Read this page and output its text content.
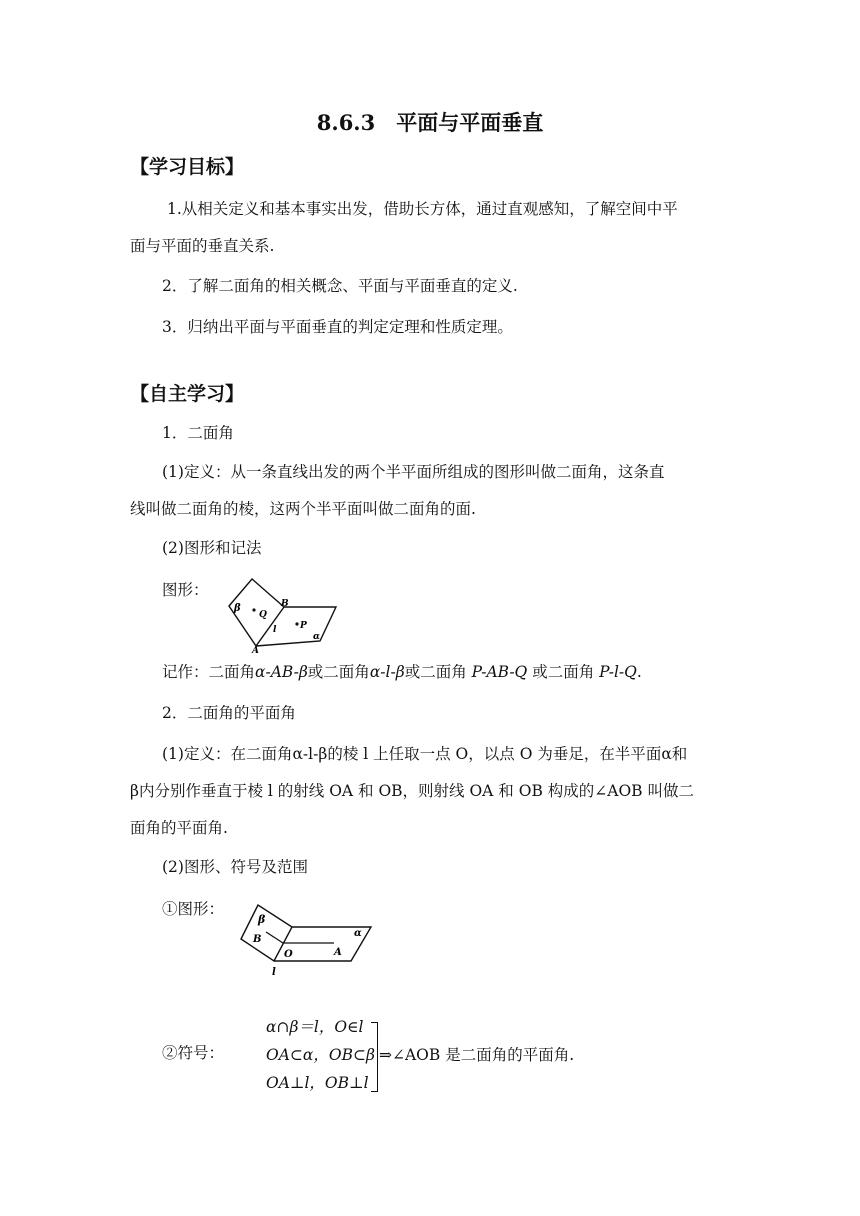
8.6.3　平面与平面垂直
【学习目标】
1.从相关定义和基本事实出发，借助长方体，通过直观感知，了解空间中平
面与平面的垂直关系.
2．了解二面角的相关概念、平面与平面垂直的定义.
3．归纳出平面与平面垂直的判定定理和性质定理。
【自主学习】
1．二面角
(1)定义：从一条直线出发的两个半平面所组成的图形叫做二面角，这条直
线叫做二面角的棱，这两个半平面叫做二面角的面.
(2)图形和记法
图形：
β
Q
B
l	P
α
A
记作：二面角α-AB-β或二面角α-l-β或二面角 P-AB-Q 或二面角 P-l-Q.
2．二面角的平面角
(1)定义：在二面角α-l-β的棱 l 上任取一点 O，以点 O 为垂足，在半平面α和
β内分别作垂直于棱 l 的射线 OA 和 OB，则射线 OA 和 OB 构成的∠AOB 叫做二
面角的平面角.
(2)图形、符号及范围
①图形：
β
B
α
A
O
l
②符号：
α∩β＝l，O∈l
OA⊂α，OB⊂β
OA⊥l，OB⊥l
⇒∠AOB 是二面角的平面角.
